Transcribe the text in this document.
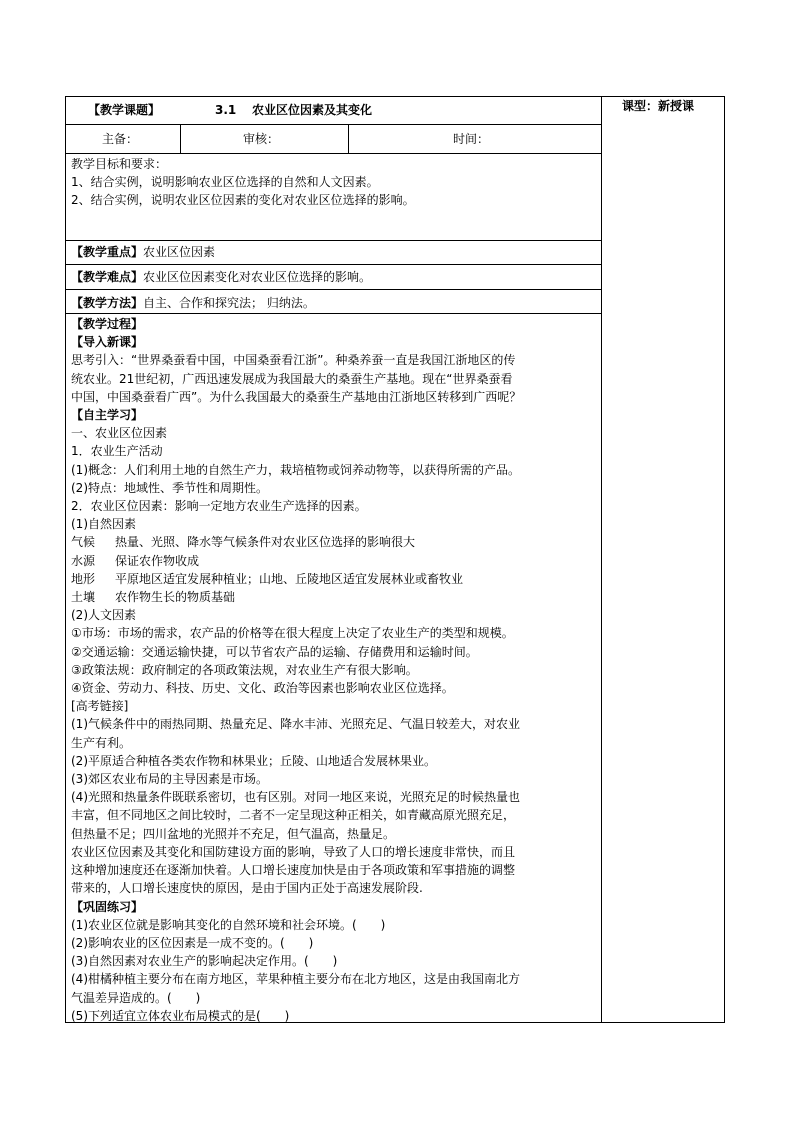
【教学课题】	3.1 农业区位因素及其变化	课型：新授课
主备：	审核：	时间：

教学目标和要求：

1、结合实例，说明影响农业区位选择的自然和人文因素。

2、结合实例，说明农业区位因素的变化对农业区位选择的影响。

【教学重点】农业区位因素

【教学难点】农业区位因素变化对农业区位选择的影响。

【教学方法】自主、合作和探究法； 归纳法。

【教学过程】

【导入新课】

思考引入：“世界桑蚕看中国，中国桑蚕看江浙”。种桑养蚕一直是我国江浙地区的传

统农业。21世纪初，广西迅速发展成为我国最大的桑蚕生产基地。现在“世界桑蚕看

中国，中国桑蚕看广西”。为什么我国最大的桑蚕生产基地由江浙地区转移到广西呢？

【自主学习】

一、农业区位因素

1．农业生产活动

(1)概念：人们利用土地的自然生产力，栽培植物或饲养动物等，以获得所需的产品。

(2)特点：地域性、季节性和周期性。

2．农业区位因素：影响一定地方农业生产选择的因素。

(1)自然因素

气候 热量、光照、降水等气候条件对农业区位选择的影响很大

水源 保证农作物收成

地形 平原地区适宜发展种植业；山地、丘陵地区适宜发展林业或畜牧业

土壤 农作物生长的物质基础

(2)人文因素

①市场：市场的需求，农产品的价格等在很大程度上决定了农业生产的类型和规模。

②交通运输：交通运输快捷，可以节省农产品的运输、存储费用和运输时间。

③政策法规：政府制定的各项政策法规，对农业生产有很大影响。

④资金、劳动力、科技、历史、文化、政治等因素也影响农业区位选择。

[高考链接]

(1)气候条件中的雨热同期、热量充足、降水丰沛、光照充足、气温日较差大，对农业

生产有利。

(2)平原适合种植各类农作物和林果业；丘陵、山地适合发展林果业。

(3)郊区农业布局的主导因素是市场。

(4)光照和热量条件既联系密切，也有区别。对同一地区来说，光照充足的时候热量也

丰富，但不同地区之间比较时，二者不一定呈现这种正相关，如青藏高原光照充足，

但热量不足；四川盆地的光照并不充足，但气温高，热量足。

农业区位因素及其变化和国防建设方面的影响，导致了人口的增长速度非常快，而且

这种增加速度还在逐渐加快着。人口增长速度加快是由于各项政策和军事措施的调整

带来的，人口增长速度快的原因，是由于国内正处于高速发展阶段.

【巩固练习】

(1)农业区位就是影响其变化的自然环境和社会环境。(　　)

(2)影响农业的区位因素是一成不变的。(　　)

(3)自然因素对农业生产的影响起决定作用。(　　)

(4)柑橘种植主要分布在南方地区，苹果种植主要分布在北方地区，这是由我国南北方

气温差异造成的。(　　)

(5)下列适宜立体农业布局模式的是(　　)
